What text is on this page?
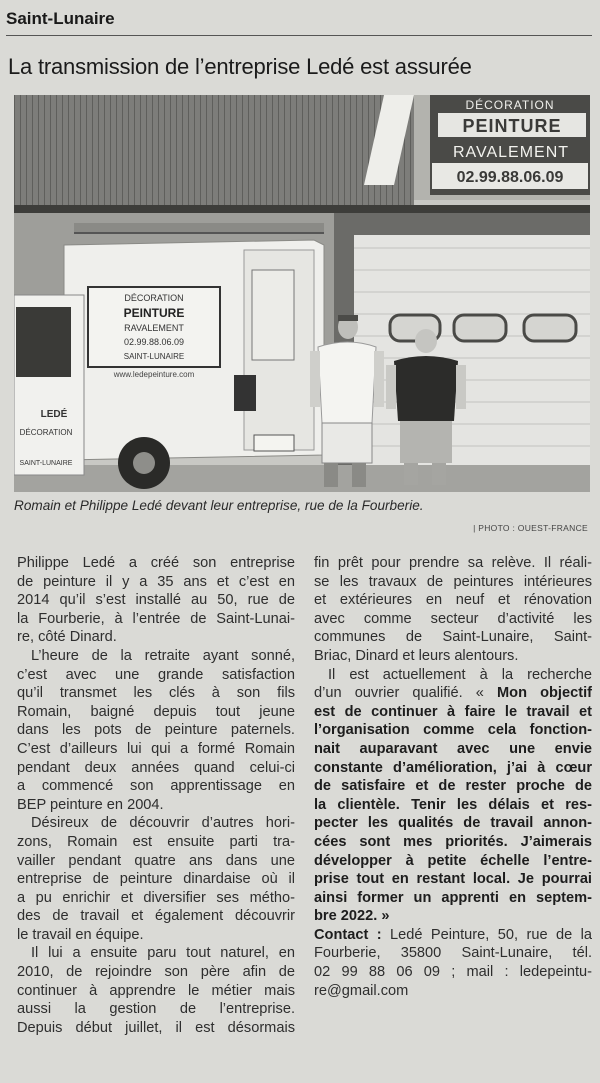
Saint-Lunaire
La transmission de l’entreprise Ledé est assurée
DÉCORATION
PEINTURE
RAVALEMENT
02.99.88.06.09
DÉCORATION
PEINTURE
RAVALEMENT
02.99.88.06.09
SAINT-LUNAIRE
www.ledepeinture.com
LEDÉ
DÉCORATION
SAINT-LUNAIRE
Romain et Philippe Ledé devant leur entreprise, rue de la Fourberie.
| PHOTO : OUEST-FRANCE
Philippe Ledé a créé son entreprise
de peinture il y a 35 ans et c’est en
2014 qu’il s’est installé au 50, rue de
la Fourberie, à l’entrée de Saint-Lunai-
re, côté Dinard.
L’heure de la retraite ayant sonné,
c’est avec une grande satisfaction
qu’il transmet les clés à son fils
Romain, baigné depuis tout jeune
dans les pots de peinture paternels.
C’est d’ailleurs lui qui a formé Romain
pendant deux années quand celui-ci
a commencé son apprentissage en
BEP peinture en 2004.
Désireux de découvrir d’autres hori-
zons, Romain est ensuite parti tra-
vailler pendant quatre ans dans une
entreprise de peinture dinardaise où il
a pu enrichir et diversifier ses métho-
des de travail et également découvrir
le travail en équipe.
Il lui a ensuite paru tout naturel, en
2010, de rejoindre son père afin de
continuer à apprendre le métier mais
aussi la gestion de l’entreprise.
Depuis début juillet, il est désormais
fin prêt pour prendre sa relève. Il réali-
se les travaux de peintures intérieures
et extérieures en neuf et rénovation
avec comme secteur d’activité les
communes de Saint-Lunaire, Saint-
Briac, Dinard et leurs alentours.
Il est actuellement à la recherche
d’un ouvrier qualifié. « Mon objectif
est de continuer à faire le travail et
l’organisation comme cela fonction-
nait auparavant avec une envie
constante d’amélioration, j’ai à cœur
de satisfaire et de rester proche de
la clientèle. Tenir les délais et res-
pecter les qualités de travail annon-
cées sont mes priorités. J’aimerais
développer à petite échelle l’entre-
prise tout en restant local. Je pourrai
ainsi former un apprenti en septem-
bre 2022. »
Contact : Ledé Peinture, 50, rue de la
Fourberie, 35800 Saint-Lunaire, tél.
02 99 88 06 09 ; mail : ledepeintu-
re@gmail.com
